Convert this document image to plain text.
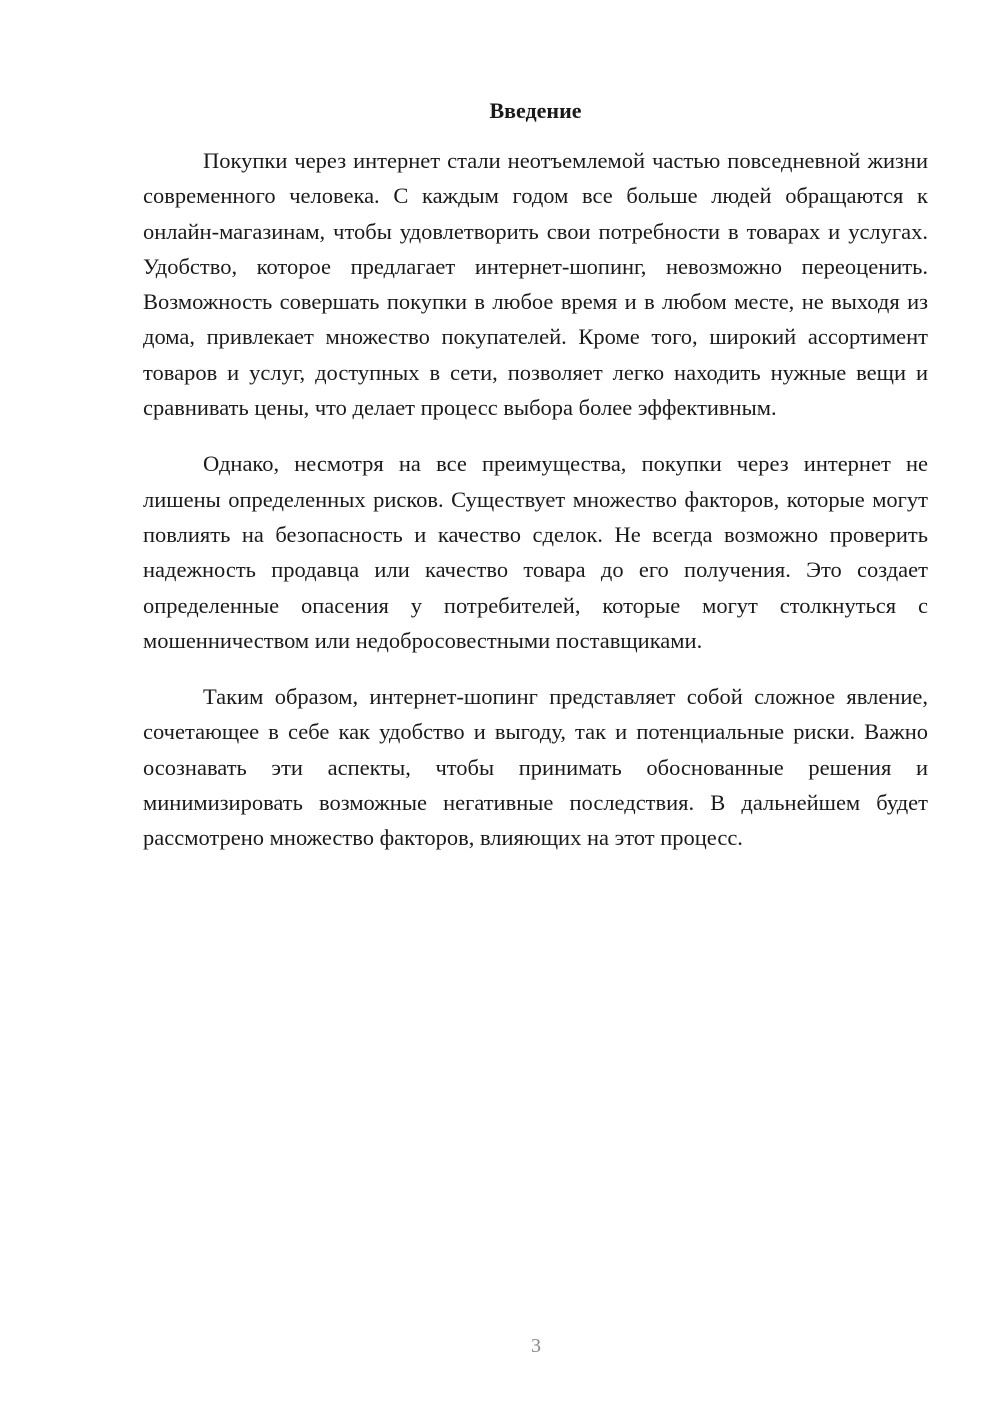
Введение

Покупки через интернет стали неотъемлемой частью повседневной жизни современного человека. С каждым годом все больше людей обращаются к онлайн-магазинам, чтобы удовлетворить свои потребности в товарах и услугах. Удобство, которое предлагает интернет-шопинг, невозможно переоценить. Возможность совершать покупки в любое время и в любом месте, не выходя из дома, привлекает множество покупателей. Кроме того, широкий ассортимент товаров и услуг, доступных в сети, позволяет легко находить нужные вещи и сравнивать цены, что делает процесс выбора более эффективным.

Однако, несмотря на все преимущества, покупки через интернет не лишены определенных рисков. Существует множество факторов, которые могут повлиять на безопасность и качество сделок. Не всегда возможно проверить надежность продавца или качество товара до его получения. Это создает определенные опасения у потребителей, которые могут столкнуться с мошенничеством или недобросовестными поставщиками.

Таким образом, интернет-шопинг представляет собой сложное явление, сочетающее в себе как удобство и выгоду, так и потенциальные риски. Важно осознавать эти аспекты, чтобы принимать обоснованные решения и минимизировать возможные негативные последствия. В дальнейшем будет рассмотрено множество факторов, влияющих на этот процесс.

3
